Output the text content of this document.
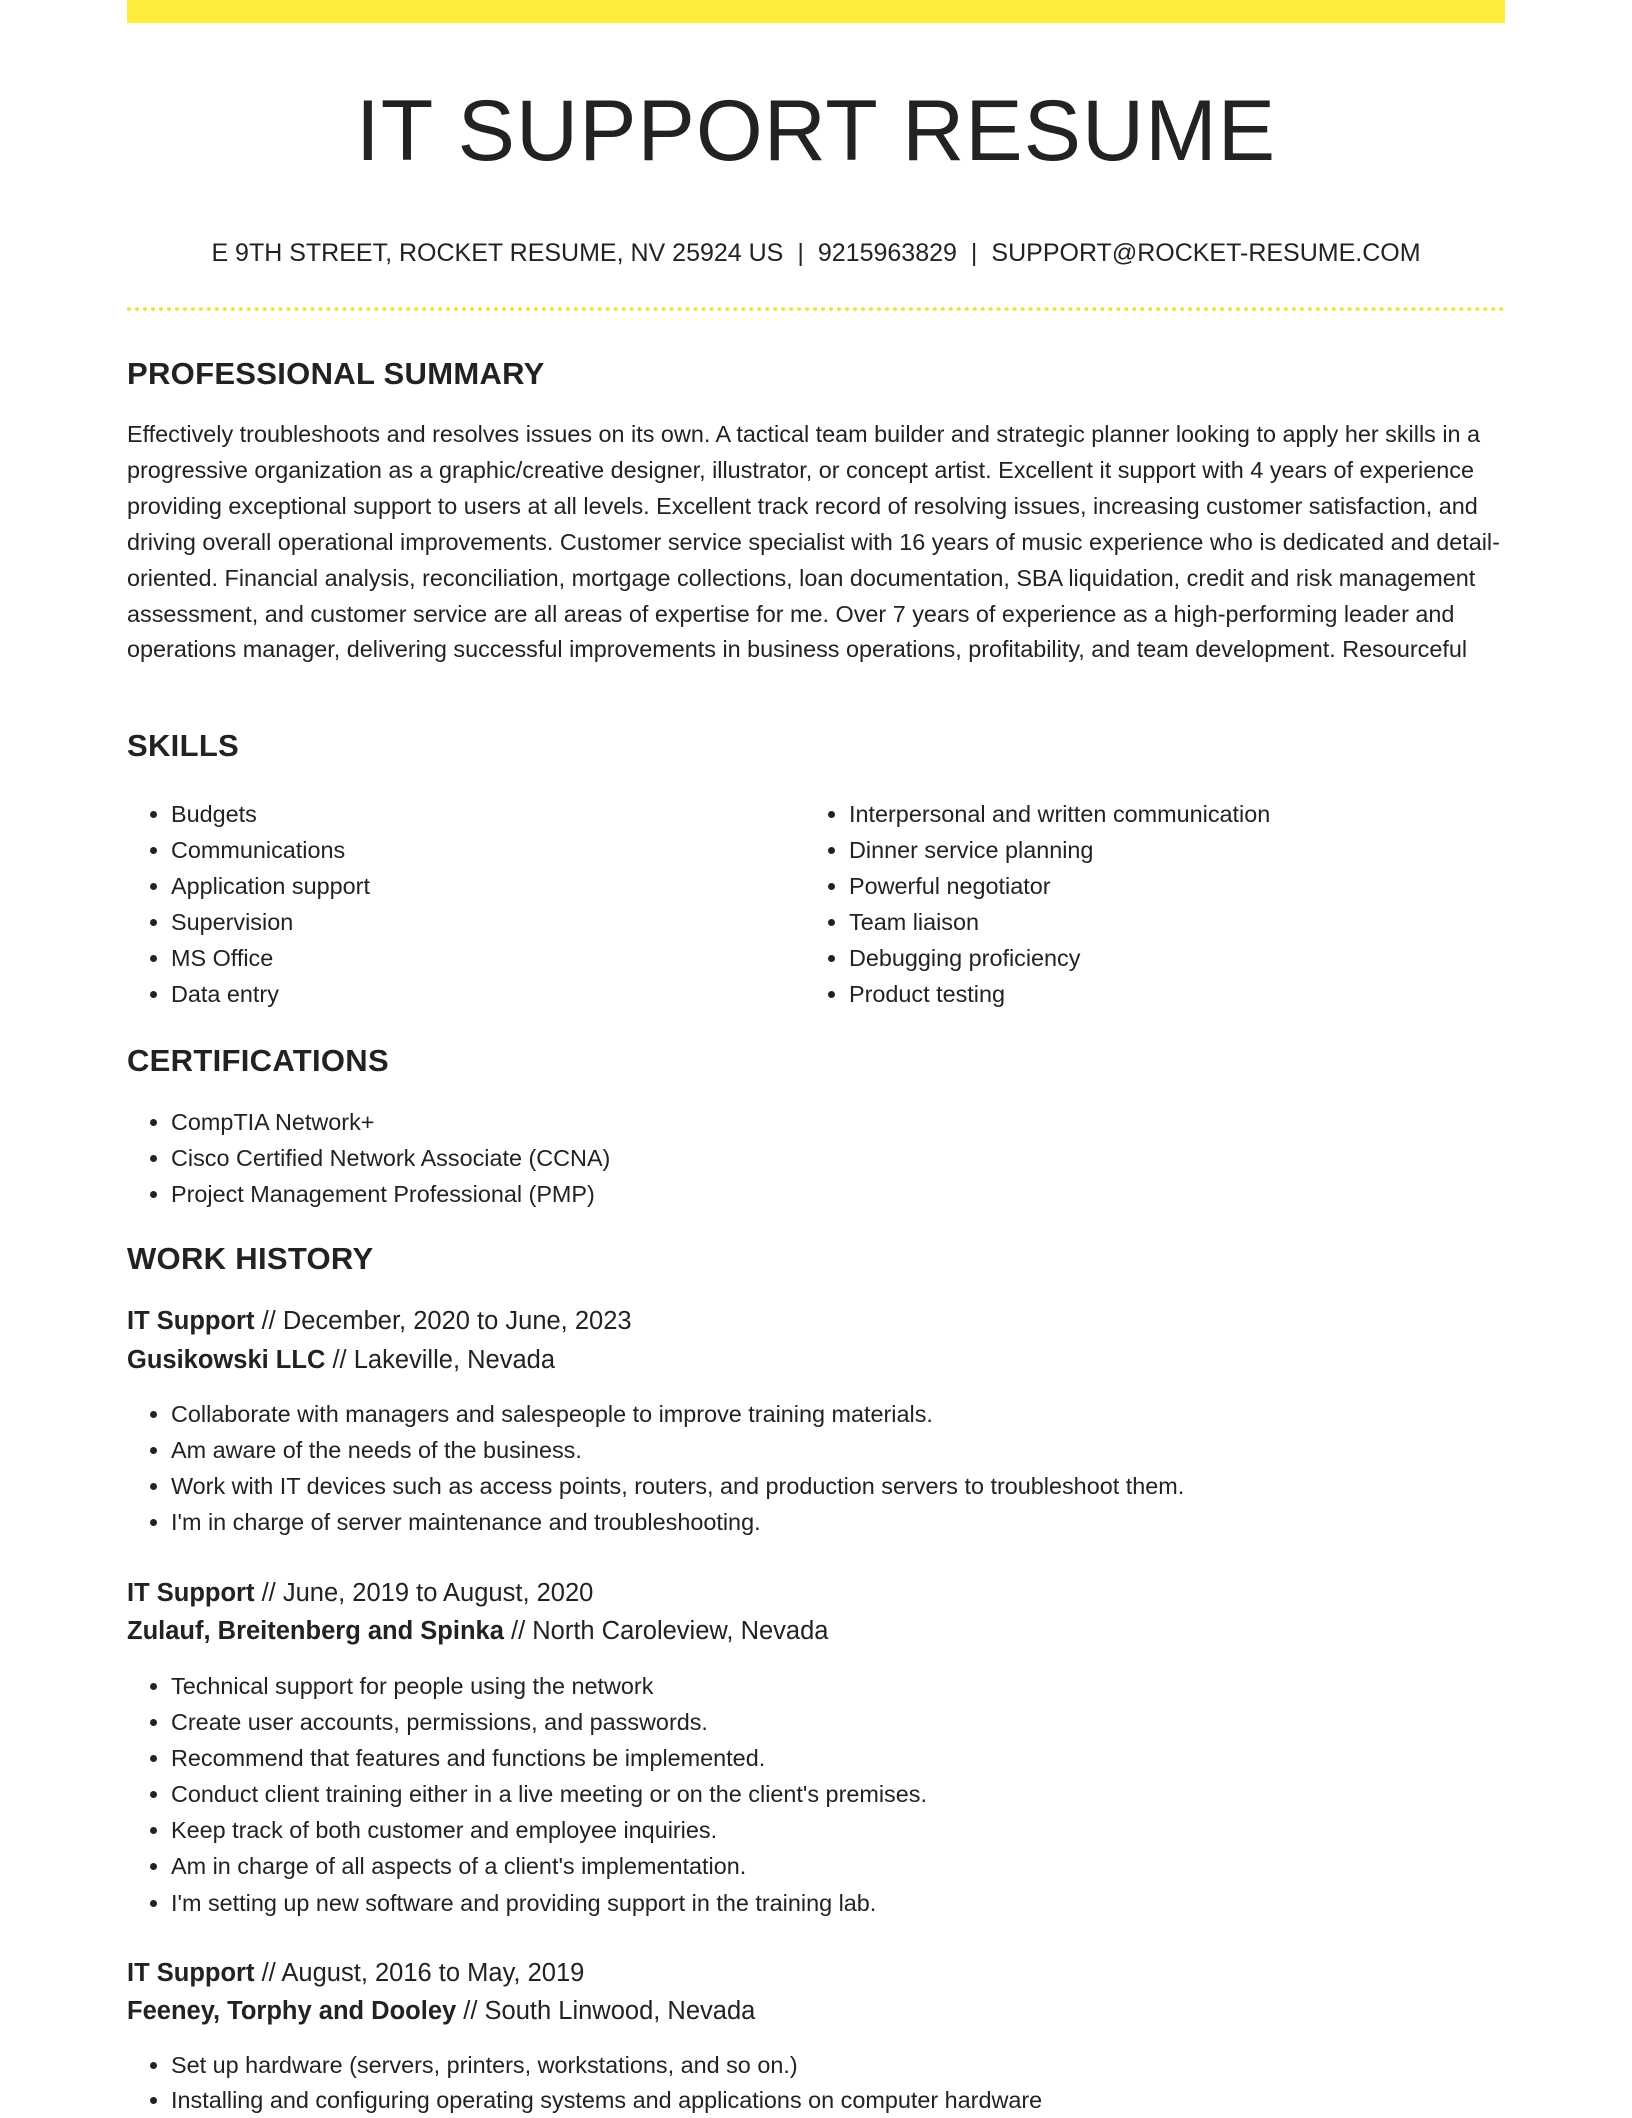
IT SUPPORT RESUME
E 9TH STREET, ROCKET RESUME, NV 25924 US | 9215963829 | SUPPORT@ROCKET-RESUME.COM
PROFESSIONAL SUMMARY

Effectively troubleshoots and resolves issues on its own. A tactical team builder and strategic planner looking to apply her skills in a progressive organization as a graphic/creative designer, illustrator, or concept artist. Excellent it support with 4 years of experience providing exceptional support to users at all levels. Excellent track record of resolving issues, increasing customer satisfaction, and driving overall operational improvements. Customer service specialist with 16 years of music experience who is dedicated and detail-oriented. Financial analysis, reconciliation, mortgage collections, loan documentation, SBA liquidation, credit and risk management assessment, and customer service are all areas of expertise for me. Over 7 years of experience as a high-performing leader and operations manager, delivering successful improvements in business operations, profitability, and team development. Resourceful

SKILLS
• Budgets
• Communications
• Application support
• Supervision
• MS Office
• Data entry
• Interpersonal and written communication
• Dinner service planning
• Powerful negotiator
• Team liaison
• Debugging proficiency
• Product testing
CERTIFICATIONS
• CompTIA Network+
• Cisco Certified Network Associate (CCNA)
• Project Management Professional (PMP)
WORK HISTORY
IT Support // December, 2020 to June, 2023
Gusikowski LLC // Lakeville, Nevada
• Collaborate with managers and salespeople to improve training materials.
• Am aware of the needs of the business.
• Work with IT devices such as access points, routers, and production servers to troubleshoot them.
• I'm in charge of server maintenance and troubleshooting.
IT Support // June, 2019 to August, 2020
Zulauf, Breitenberg and Spinka // North Caroleview, Nevada
• Technical support for people using the network
• Create user accounts, permissions, and passwords.
• Recommend that features and functions be implemented.
• Conduct client training either in a live meeting or on the client's premises.
• Keep track of both customer and employee inquiries.
• Am in charge of all aspects of a client's implementation.
• I'm setting up new software and providing support in the training lab.
IT Support // August, 2016 to May, 2019
Feeney, Torphy and Dooley // South Linwood, Nevada
• Set up hardware (servers, printers, workstations, and so on.)
• Installing and configuring operating systems and applications on computer hardware
